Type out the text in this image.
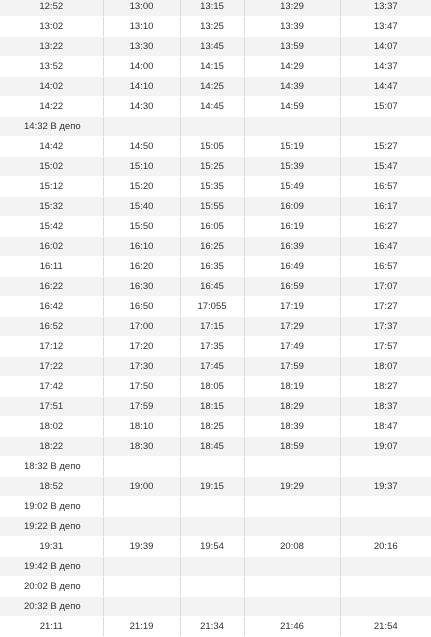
12:52	13:00	13:15	13:29	13:37
13:02	13:10	13:25	13:39	13:47
13:22	13:30	13:45	13:59	14:07
13:52	14:00	14:15	14:29	14:37
14:02	14:10	14:25	14:39	14:47
14:22	14:30	14:45	14:59	15:07
14:32 В депо				
14:42	14:50	15:05	15:19	15:27
15:02	15:10	15:25	15:39	15:47
15:12	15:20	15:35	15:49	16:57
15:32	15:40	15:55	16:09	16:17
15:42	15:50	16:05	16:19	16:27
16:02	16:10	16:25	16:39	16:47
16:11	16:20	16:35	16:49	16:57
16:22	16:30	16:45	16:59	17:07
16:42	16:50	17:055	17:19	17:27
16:52	17:00	17:15	17:29	17:37
17:12	17:20	17:35	17:49	17:57
17:22	17:30	17:45	17:59	18:07
17:42	17:50	18:05	18:19	18:27
17:51	17:59	18:15	18:29	18:37
18:02	18:10	18:25	18:39	18:47
18:22	18:30	18:45	18:59	19:07
18:32 В депо				
18:52	19:00	19:15	19:29	19:37
19:02 В депо				
19:22 В депо				
19:31	19:39	19:54	20:08	20:16
19:42 В депо				
20:02 В депо				
20:32 В депо				
21:11	21:19	21:34	21:46	21:54
